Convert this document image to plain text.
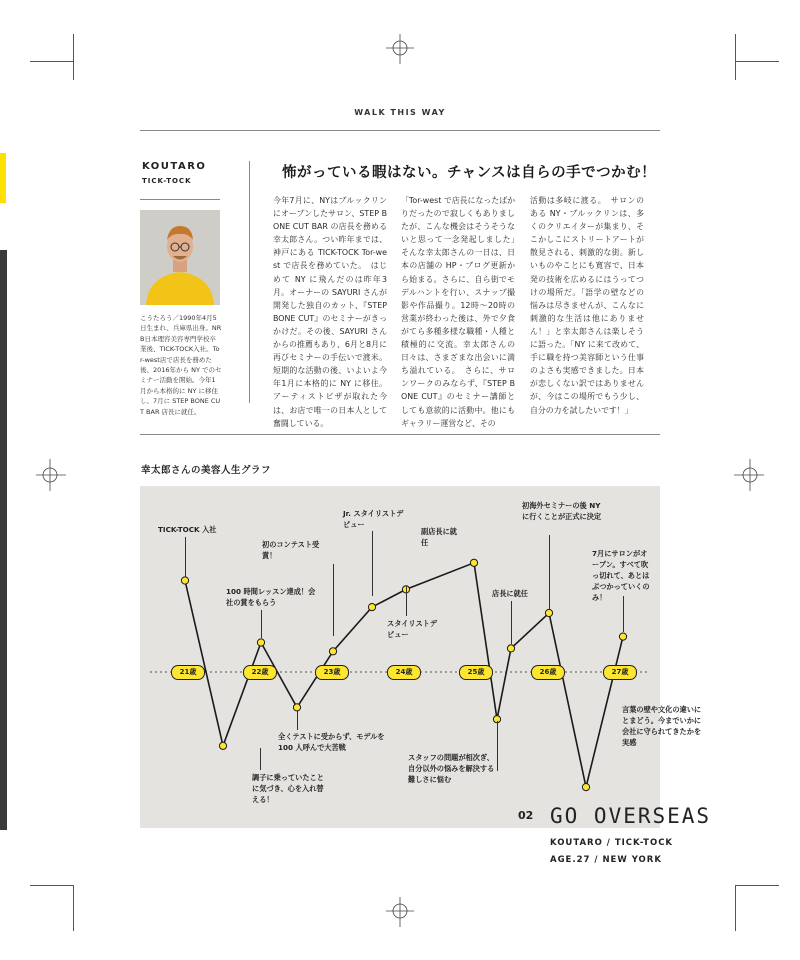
WALK THIS WAY
KOUTARO
TICK-TOCK
こうたろう／1990年4月5日生まれ、兵庫県出身。NRB日本理容美容専門学校卒業後、TICK-TOCK入社。Tor-west店で店長を務めた後、2016年から NY でのセミナー活動を開始。今年1月から本格的に NY に移住し、7月に STEP BONE CUT BAR 店長に就任。
怖がっている暇はない。チャンスは自らの手でつかむ！
今年7月に、NYはブルックリンにオープンしたサロン、STEP BONE CUT BAR の店長を務める幸太郎さん。つい昨年までは、神戸にある TICK-TOCK Tor-west で店長を務めていた。　はじめて NY に飛んだのは昨年3月。オーナーの SAYURI さんが開発した独自のカット、『STEP BONE CUT』のセミナーがきっかけだ。その後、SAYURI さんからの推薦もあり、6月と8月に再びセミナーの手伝いで渡米。短期的な活動の後、いよいよ今年1月に本格的に NY に移住。アーティストビザが取れた今は、お店で唯一の日本人として奮闘している。
「Tor-west で店長になったばかりだったので寂しくもありましたが、こんな機会はそうそうないと思って一念発起しました」　そんな幸太郎さんの一日は、日本の店舗の HP・ブログ更新から始まる。さらに、自ら街でモデルハントを行い、スナップ撮影や作品撮り。12時〜20時の営業が終わった後は、外で夕食がてら多種多様な職種・人種と積極的に交流。幸太郎さんの日々は、さまざまな出会いに満ち溢れている。　さらに、サロンワークのみならず、『STEP BONE CUT』のセミナー講師としても意欲的に活動中。他にもギャラリー運営など、その
活動は多岐に渡る。　サロンのある NY・ブルックリンは、多くのクリエイターが集まり、そこかしこにストリートアートが散見される、刺激的な街。新しいものやことにも寛容で、日本発の技術を広めるにはうってつけの場所だ。「語学の壁などの悩みは尽きませんが、こんなに刺激的な生活は他にありません！」と幸太郎さんは楽しそうに語った。「NY に来て改めて、手に職を持つ美容師という仕事のよさも実感できました。日本が恋しくない訳ではありませんが、今はこの場所でもう少し、自分の力を試したいです！」
幸太郎さんの美容人生グラフ
21歳	22歳	23歳	24歳	25歳	26歳	27歳
TICK-TOCK 入社
調子に乗っていたことに気づき、心を入れ替える！
100 時間レッスン達成！会社の賞をもらう
全くテストに受からず、モデルを 100 人呼んで大苦戦
初のコンテスト受賞！
Jr. スタイリストデビュー
スタイリストデビュー
副店長に就任
スタッフの問題が相次ぎ、自分以外の悩みを解決する難しさに悩む
店長に就任
初海外セミナーの後 NY に行くことが正式に決定
言葉の壁や文化の違いにとまどう。今までいかに会社に守られてきたかを実感
7月にサロンがオープン。すべて吹っ切れて、あとはぶつかっていくのみ！
02 GO OVERSEAS
KOUTARO / TICK-TOCK
AGE.27 / NEW YORK
